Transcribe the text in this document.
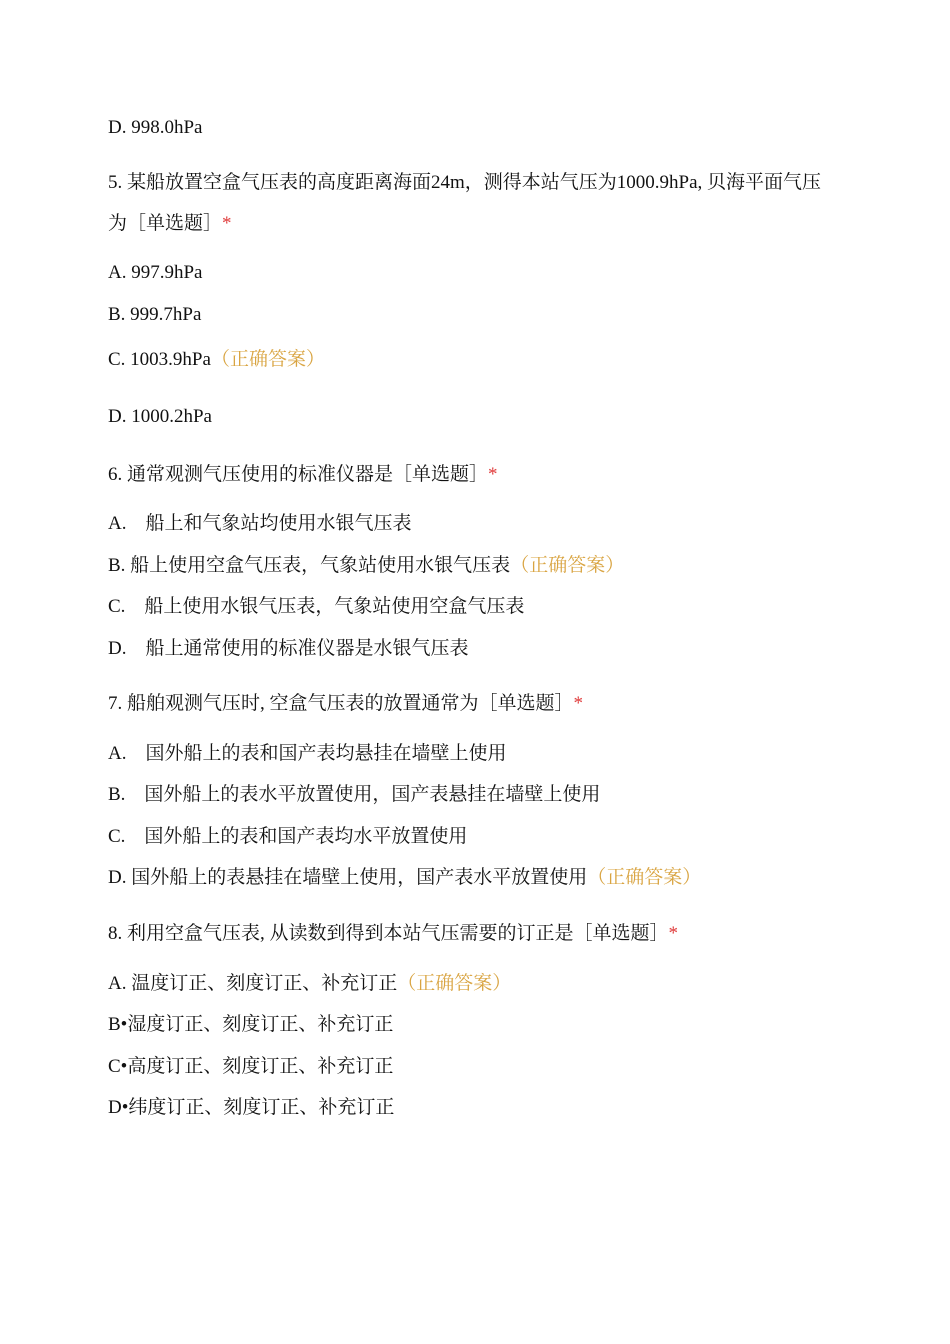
D. 998.0hPa
5. 某船放置空盒气压表的高度距离海面24m，测得本站气压为1000.9hPa, 贝海平面气压为［单选题］*
A. 997.9hPa
B. 999.7hPa
C. 1003.9hPa（正确答案）
D. 1000.2hPa
6. 通常观测气压使用的标准仪器是［单选题］*
A.    船上和气象站均使用水银气压表
B. 船上使用空盒气压表，气象站使用水银气压表（正确答案）
C.    船上使用水银气压表，气象站使用空盒气压表
D.    船上通常使用的标准仪器是水银气压表
7. 船舶观测气压时, 空盒气压表的放置通常为［单选题］*
A.    国外船上的表和国产表均悬挂在墙壁上使用
B.    国外船上的表水平放置使用，国产表悬挂在墙壁上使用
C.    国外船上的表和国产表均水平放置使用
D. 国外船上的表悬挂在墙壁上使用，国产表水平放置使用（正确答案）
8. 利用空盒气压表, 从读数到得到本站气压需要的订正是［单选题］*
A. 温度订正、刻度订正、补充订正（正确答案）
B•湿度订正、刻度订正、补充订正
C•高度订正、刻度订正、补充订正
D•纬度订正、刻度订正、补充订正
